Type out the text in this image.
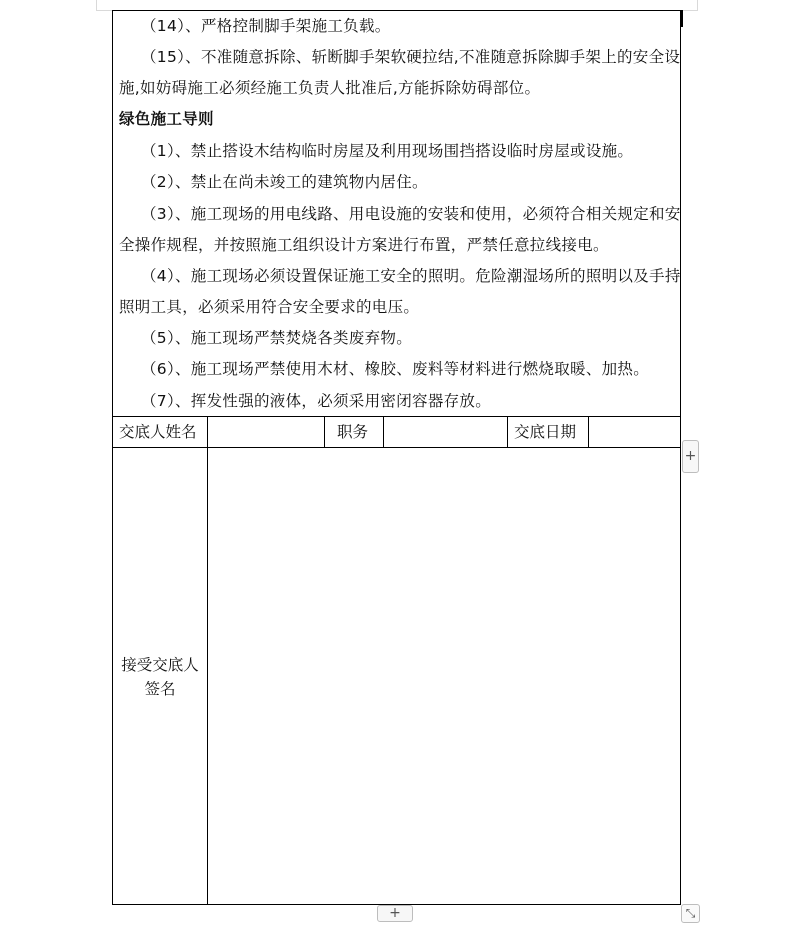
（14）、严格控制脚手架施工负载。
（15）、不准随意拆除、斩断脚手架软硬拉结,不准随意拆除脚手架上的安全设
施,如妨碍施工必须经施工负责人批准后,方能拆除妨碍部位。
绿色施工导则
（1）、禁止搭设木结构临时房屋及利用现场围挡搭设临时房屋或设施。
（2）、禁止在尚未竣工的建筑物内居住。
（3）、施工现场的用电线路、用电设施的安装和使用，必须符合相关规定和安
全操作规程，并按照施工组织设计方案进行布置，严禁任意拉线接电。
（4）、施工现场必须设置保证施工安全的照明。危险潮湿场所的照明以及手持
照明工具，必须采用符合安全要求的电压。
（5）、施工现场严禁焚烧各类废弃物。
（6）、施工现场严禁使用木材、橡胶、废料等材料进行燃烧取暖、加热。
（7）、挥发性强的液体，必须采用密闭容器存放。
交底人姓名	职务	交底日期
接受交底人
签名
+
+	⤡
